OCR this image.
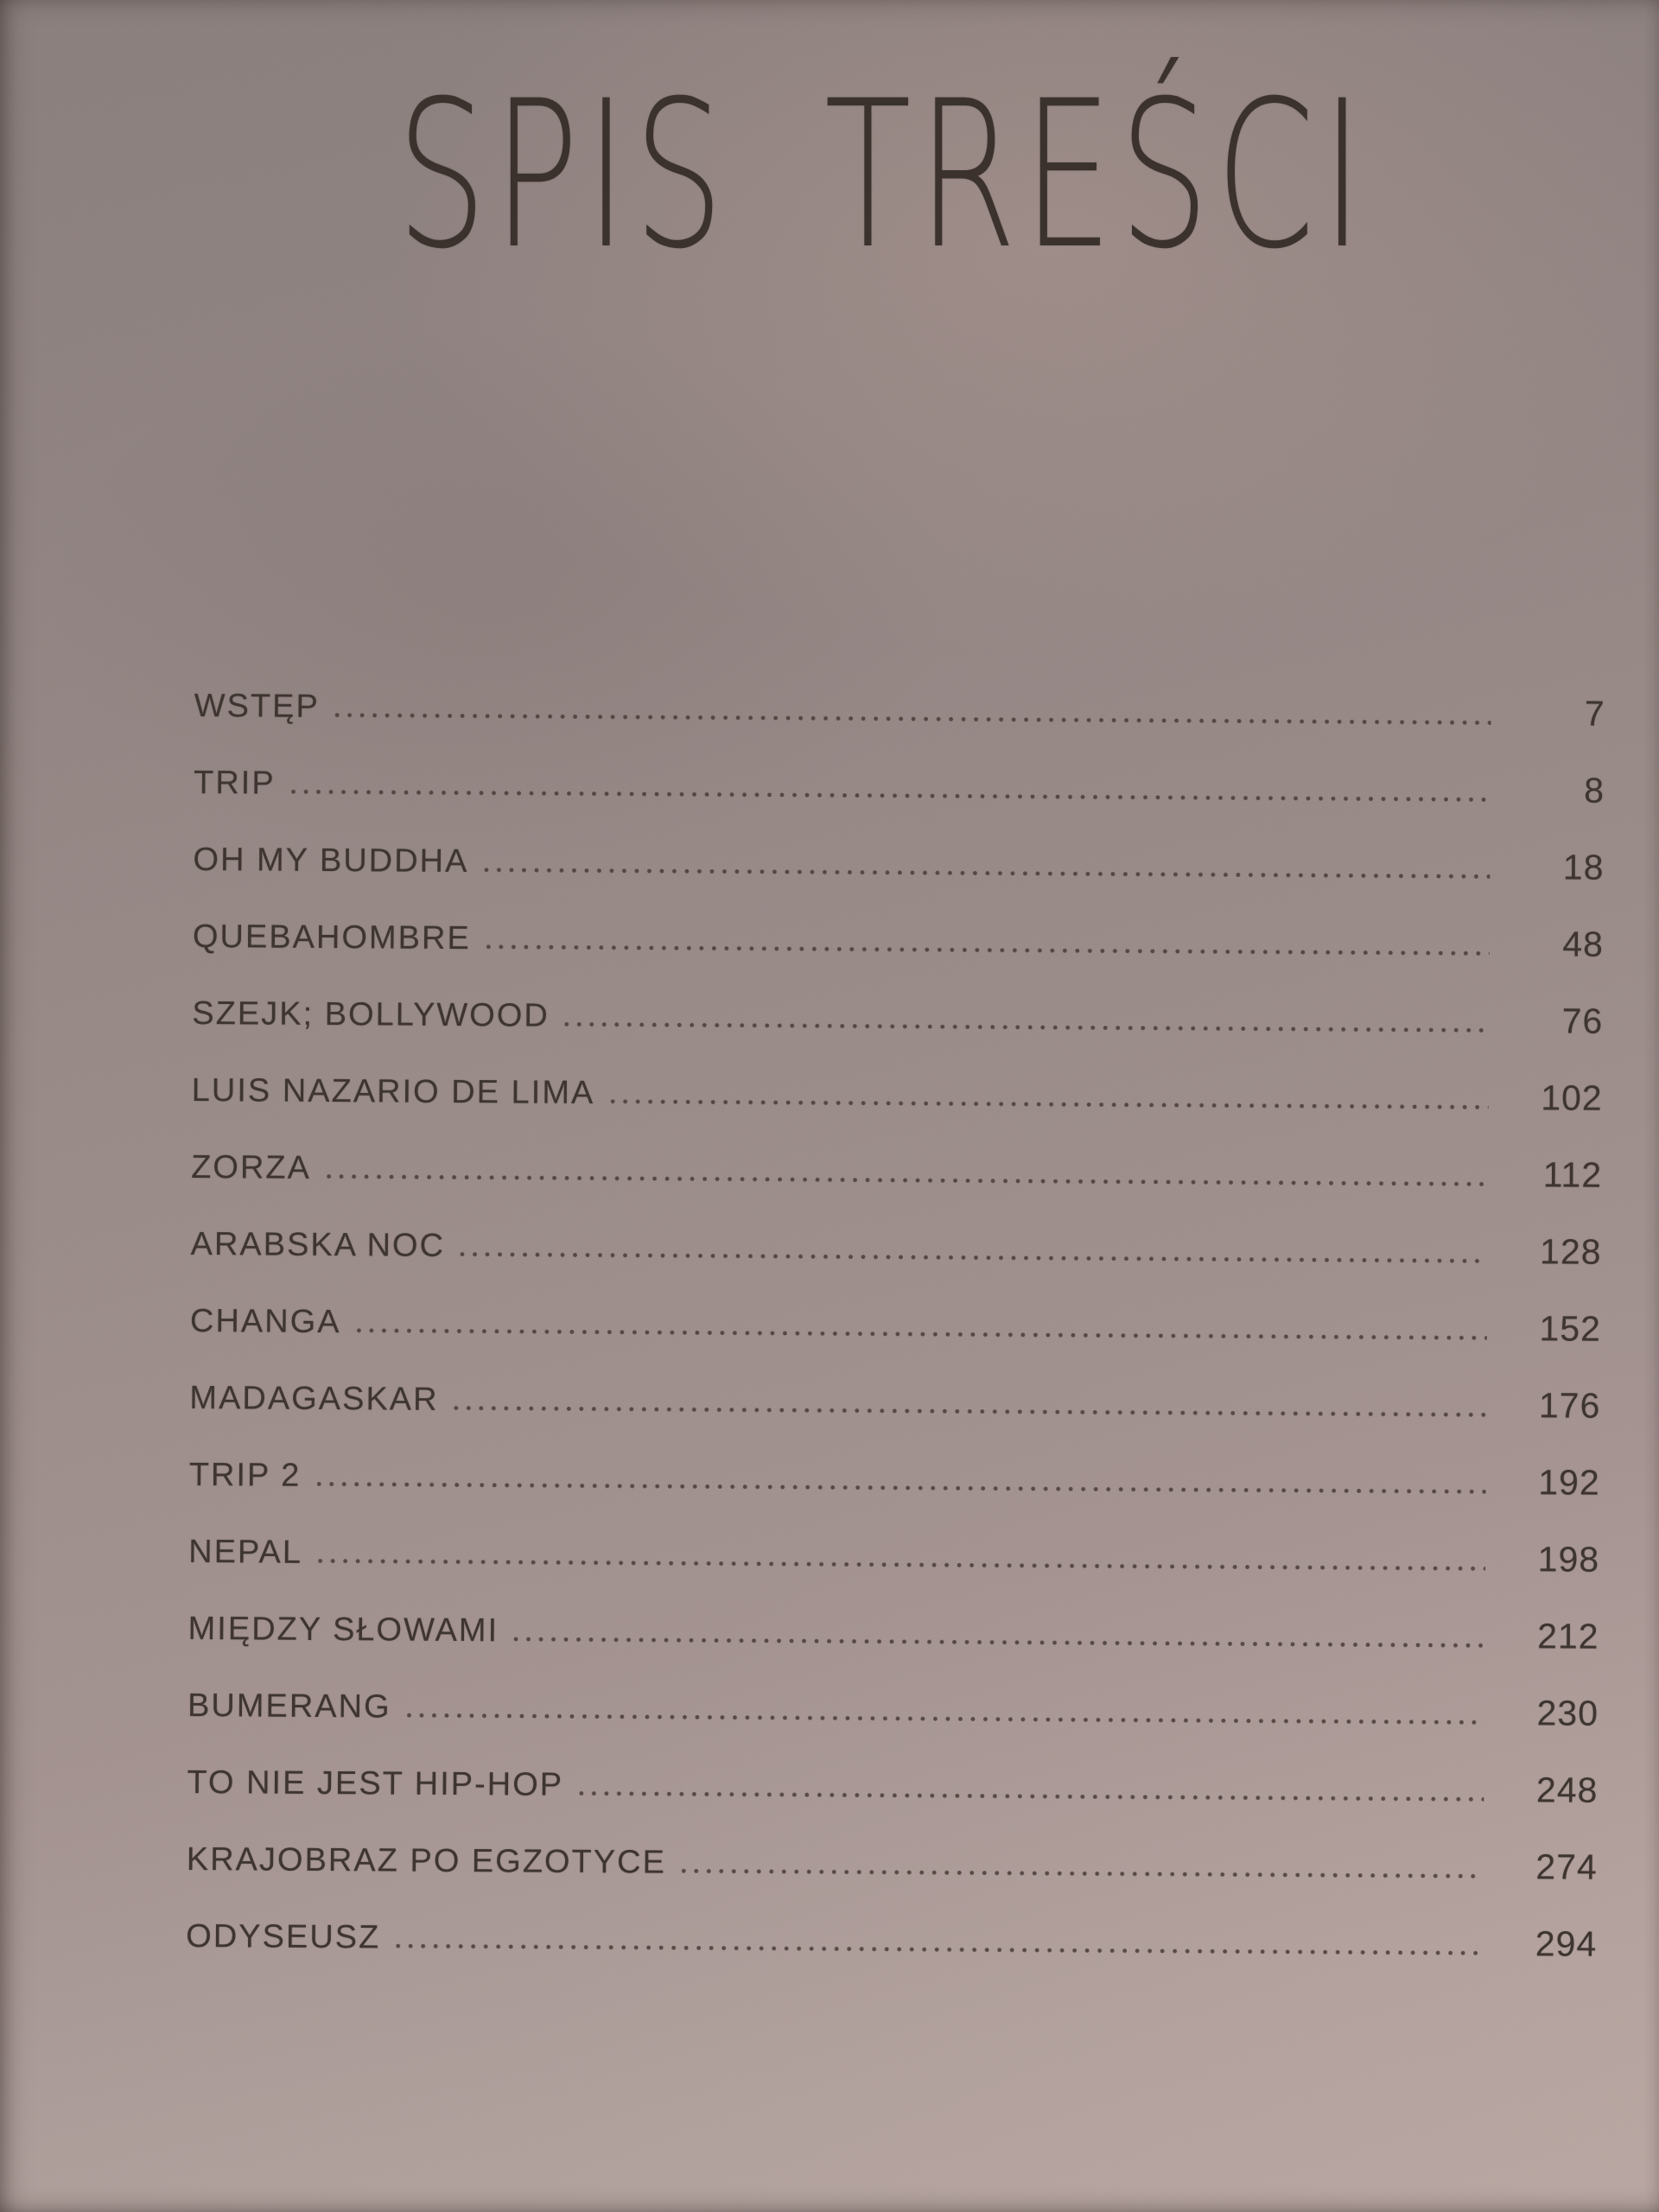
SPIS TREŚCI
WSTĘP	7
TRIP	8
OH MY BUDDHA	18
QUEBAHOMBRE	48
SZEJK; BOLLYWOOD	76
LUIS NAZARIO DE LIMA	102
ZORZA	112
ARABSKA NOC	128
CHANGA	152
MADAGASKAR	176
TRIP 2	192
NEPAL	198
MIĘDZY SŁOWAMI	212
BUMERANG	230
TO NIE JEST HIP-HOP	248
KRAJOBRAZ PO EGZOTYCE	274
ODYSEUSZ	294
